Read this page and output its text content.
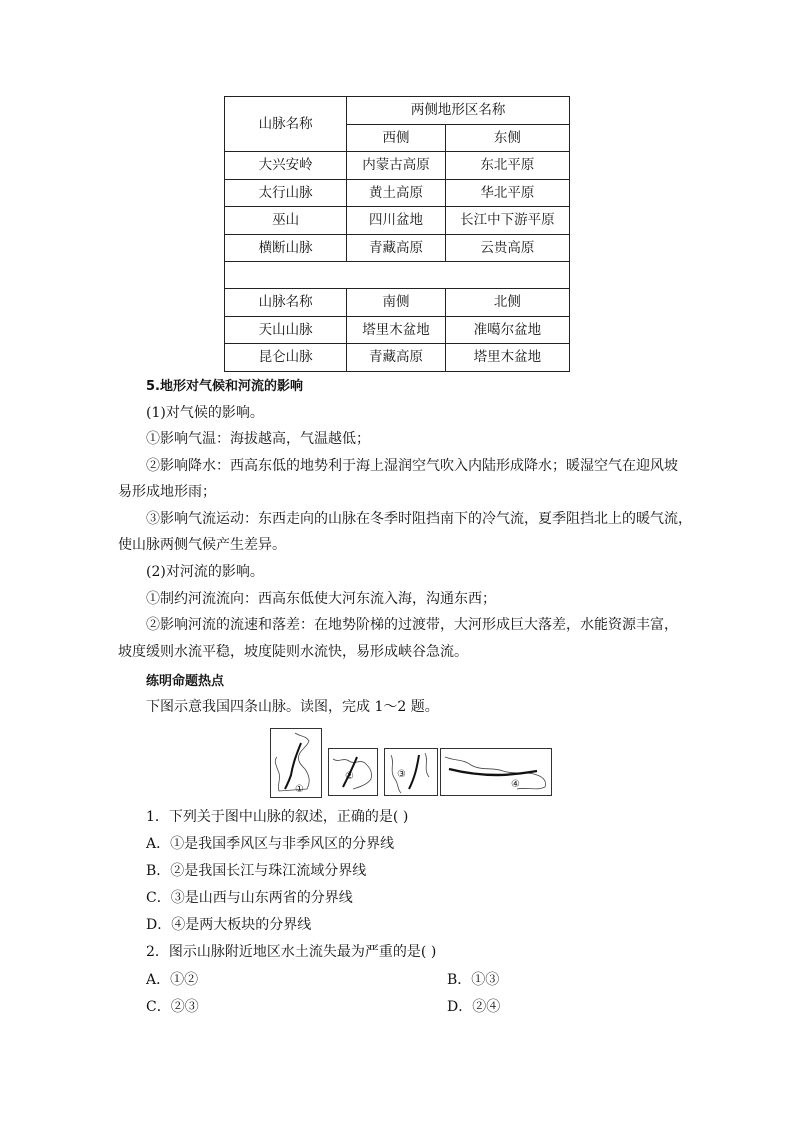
山脉名称	两侧地形区名称	
	西侧	东侧
大兴安岭	内蒙古高原	东北平原
太行山脉	黄土高原	华北平原
巫山	四川盆地	长江中下游平原
横断山脉	青藏高原	云贵高原

山脉名称	南侧	北侧
天山山脉	塔里木盆地	准噶尔盆地
昆仑山脉	青藏高原	塔里木盆地
5.地形对气候和河流的影响
(1)对气候的影响。
①影响气温：海拔越高，气温越低；
②影响降水：西高东低的地势利于海上湿润空气吹入内陆形成降水；暖湿空气在迎风坡
易形成地形雨；
③影响气流运动：东西走向的山脉在冬季时阻挡南下的冷气流，夏季阻挡北上的暖气流，
使山脉两侧气候产生差异。
(2)对河流的影响。
①制约河流流向：西高东低使大河东流入海，沟通东西；
②影响河流的流速和落差：在地势阶梯的过渡带，大河形成巨大落差，水能资源丰富，
坡度缓则水流平稳，坡度陡则水流快，易形成峡谷急流。
练明命题热点
下图示意我国四条山脉。读图，完成 1～2 题。
①
②	③
④
1．下列关于图中山脉的叙述，正确的是( )
A．①是我国季风区与非季风区的分界线
B．②是我国长江与珠江流域分界线
C．③是山西与山东两省的分界线
D．④是两大板块的分界线
2．图示山脉附近地区水土流失最为严重的是( )
A．①②	B．①③
C．②③	D．②④
